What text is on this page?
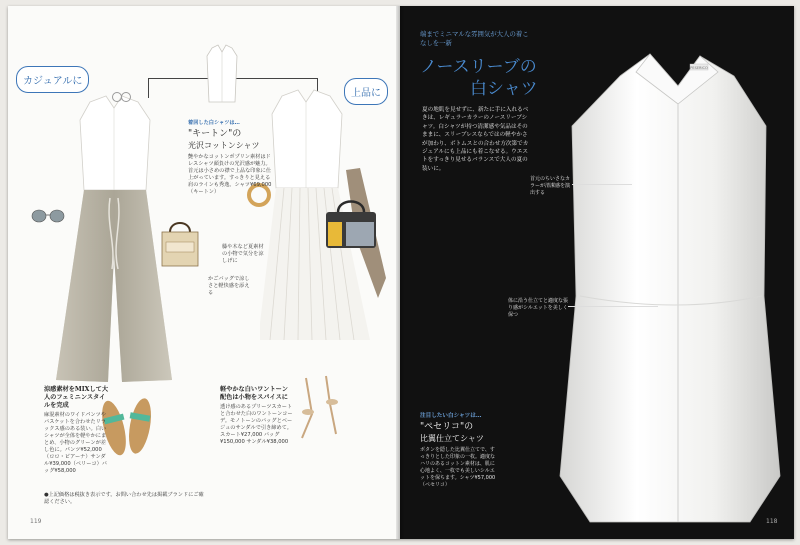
カジュアルに
上品に
着回した白シャツは…
"キートン"の
光沢コットンシャツ
艶やかなコットンポプリン素材はドレスシャツ顔負けの光沢感が魅力。首元は小さめの襟で上品な印象に仕上がっています。すっきりと見える肩のラインも秀逸。シャツ¥69,000（キートン）
籐や木など夏素材の小物で気分を涼しげに
かごバッグで涼しさと軽快感を添える
涼感素材をMIXして大人のフェミニンスタイルを完成
麻混素材のワイドパンツやバスケットを合わせたリラックス感のある装い。白いシャツが全体を軽やかにまとめ、小物のグリーンが差し色に。パンツ¥52,000（ロロ・ピアーナ）サンダル¥39,000（ペリーコ）バッグ¥58,000
軽やかな白いワントーン配色は小物をスパイスに
透け感のあるプリーツスカートと合わせた白のワントーンコーデ。モノトーンのバッグとベージュのサンダルで引き締めて。スカート¥27,000 バッグ¥150,000 サンダル¥38,000
●上記価格は税抜き表示です。お問い合わせ先は掲載ブランドにご確認ください。
119
端までミニマルな雰囲気が大人の着こなしを一新
ノースリーブの
白シャツ
夏の地肌を見せずに、新たに手に入れるべきは、レギュラーカラーのノースリーブシャツ。白シャツが持つ清潔感や気品はそのままに、スリーブレスならではの軽やかさが加わり、ボトムスとの合わせ方次第でカジュアルにも上品にも着こなせる。ウエストをすっきり見せるバランスで大人の夏の装いに。
PESERICO
首元のちいさなカラーが清潔感を演出する
体に沿う仕立てと適度な張り感がシルエットを美しく保つ
注目したい白シャツは…
"ペセリコ"の
比翼仕立てシャツ
ボタンを隠した比翼仕立てで、すっきりとした印象の一枚。適度なハリのあるコットン素材は、肌に心地よく、一枚でも美しいシルエットを保ちます。シャツ¥57,000（ペセリコ）
118
